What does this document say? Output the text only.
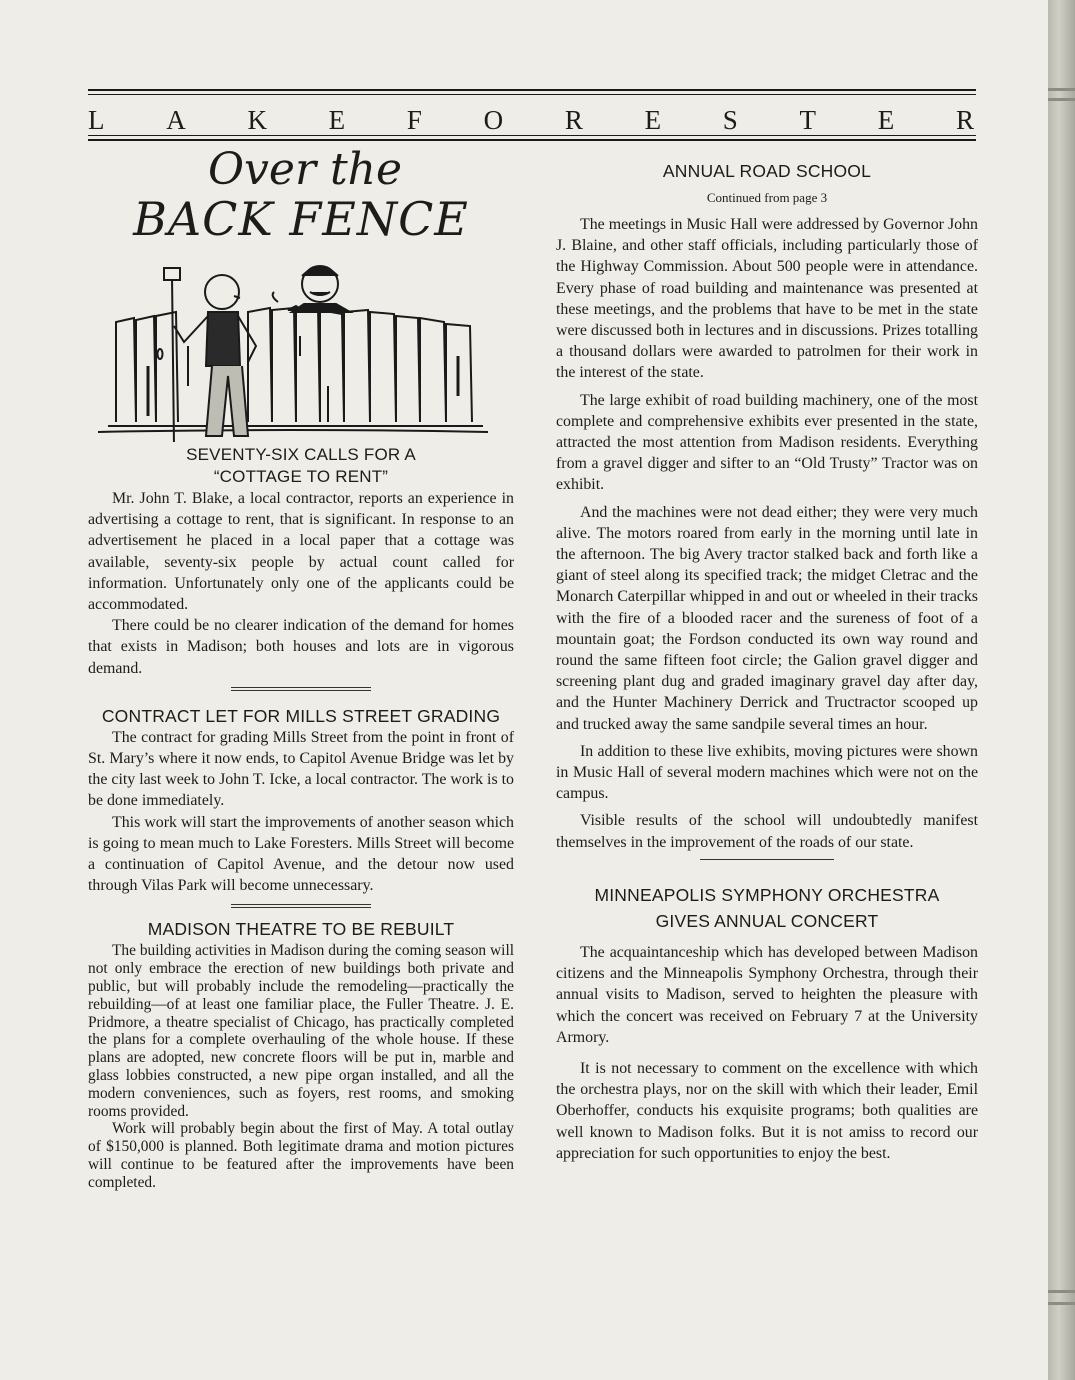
L A K E F O R E S T E R
Over the
BACK FENCE
SEVENTY-SIX CALLS FOR A
“COTTAGE TO RENT”

Mr. John T. Blake, a local contractor, reports an experience in advertising a cottage to rent, that is significant. In response to an advertisement he placed in a local paper that a cottage was available, seventy-six people by actual count called for information. Unfortunately only one of the applicants could be accommodated.

There could be no clearer indication of the demand for homes that exists in Madison; both houses and lots are in vigorous demand.

CONTRACT LET FOR MILLS STREET GRADING

The contract for grading Mills Street from the point in front of St. Mary’s where it now ends, to Capitol Avenue Bridge was let by the city last week to John T. Icke, a local contractor. The work is to be done immediately.

This work will start the improvements of another season which is going to mean much to Lake Foresters. Mills Street will become a continuation of Capitol Avenue, and the detour now used through Vilas Park will become unnecessary.

MADISON THEATRE TO BE REBUILT

The building activities in Madison during the coming season will not only embrace the erection of new buildings both private and public, but will probably include the remodeling—practically the rebuilding—of at least one familiar place, the Fuller Theatre. J. E. Pridmore, a theatre specialist of Chicago, has practically completed the plans for a complete overhauling of the whole house. If these plans are adopted, new concrete floors will be put in, marble and glass lobbies constructed, a new pipe organ installed, and all the modern conveniences, such as foyers, rest rooms, and smoking rooms provided.

Work will probably begin about the first of May. A total outlay of $150,000 is planned. Both legitimate drama and motion pictures will continue to be featured after the improvements have been completed.

ANNUAL ROAD SCHOOL
Continued from page 3

The meetings in Music Hall were addressed by Governor John J. Blaine, and other staff officials, including particularly those of the Highway Commission. About 500 people were in attendance. Every phase of road building and maintenance was presented at these meetings, and the problems that have to be met in the state were discussed both in lectures and in discussions. Prizes totalling a thousand dollars were awarded to patrolmen for their work in the interest of the state.

The large exhibit of road building machinery, one of the most complete and comprehensive exhibits ever presented in the state, attracted the most attention from Madison residents. Everything from a gravel digger and sifter to an “Old Trusty” Tractor was on exhibit.

And the machines were not dead either; they were very much alive. The motors roared from early in the morning until late in the afternoon. The big Avery tractor stalked back and forth like a giant of steel along its specified track; the midget Cletrac and the Monarch Caterpillar whipped in and out or wheeled in their tracks with the fire of a blooded racer and the sureness of foot of a mountain goat; the Fordson conducted its own way round and round the same fifteen foot circle; the Galion gravel digger and screening plant dug and graded imaginary gravel day after day, and the Hunter Machinery Derrick and Tructractor scooped up and trucked away the same sandpile several times an hour.

In addition to these live exhibits, moving pictures were shown in Music Hall of several modern machines which were not on the campus.

Visible results of the school will undoubtedly manifest themselves in the improvement of the roads of our state.

MINNEAPOLIS SYMPHONY ORCHESTRA
GIVES ANNUAL CONCERT

The acquaintanceship which has developed between Madison citizens and the Minneapolis Symphony Orchestra, through their annual visits to Madison, served to heighten the pleasure with which the concert was received on February 7 at the University Armory.

It is not necessary to comment on the excellence with which the orchestra plays, nor on the skill with which their leader, Emil Oberhoffer, conducts his exquisite programs; both qualities are well known to Madison folks. But it is not amiss to record our appreciation for such opportunities to enjoy the best.
